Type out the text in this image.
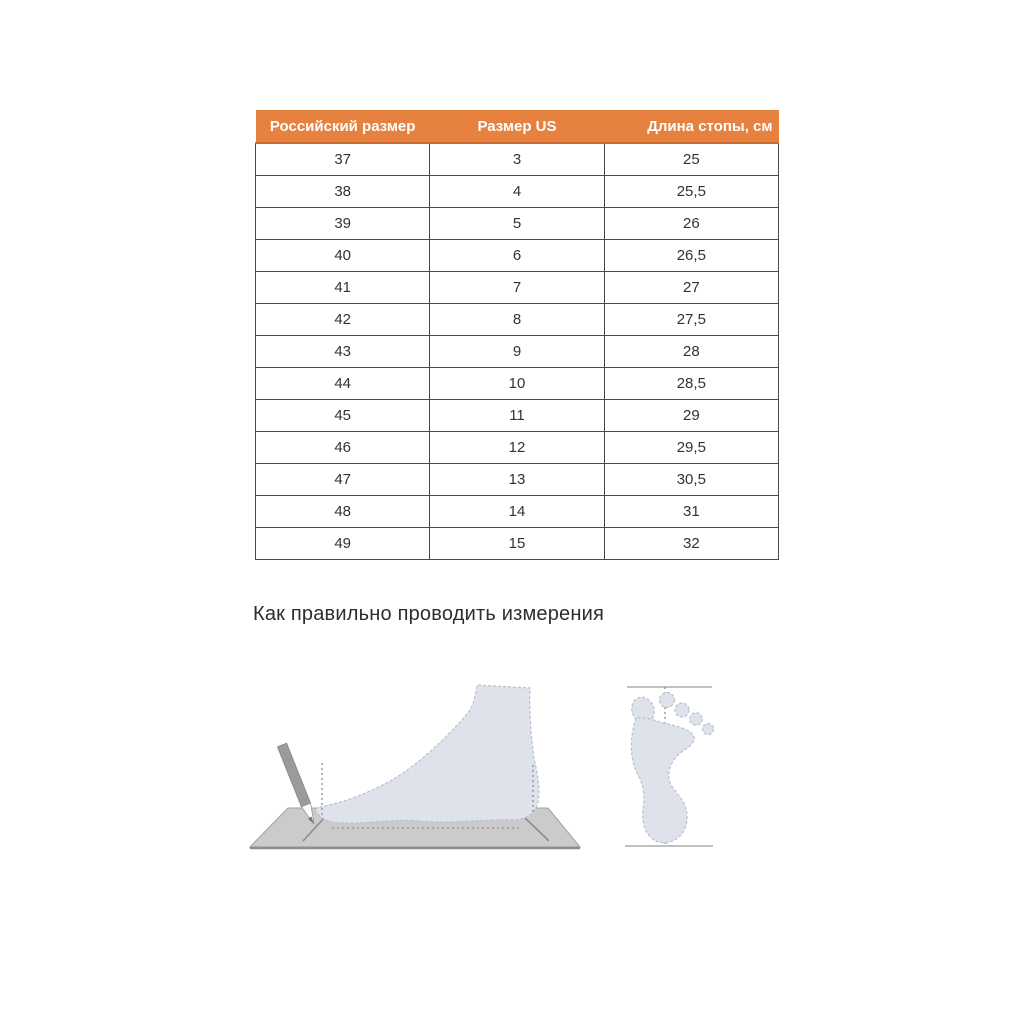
Российский размер	Размер US	Длина стопы, см
37	3	25
38	4	25,5
39	5	26
40	6	26,5
41	7	27
42	8	27,5
43	9	28
44	10	28,5
45	11	29
46	12	29,5
47	13	30,5
48	14	31
49	15	32
Как правильно проводить измерения
